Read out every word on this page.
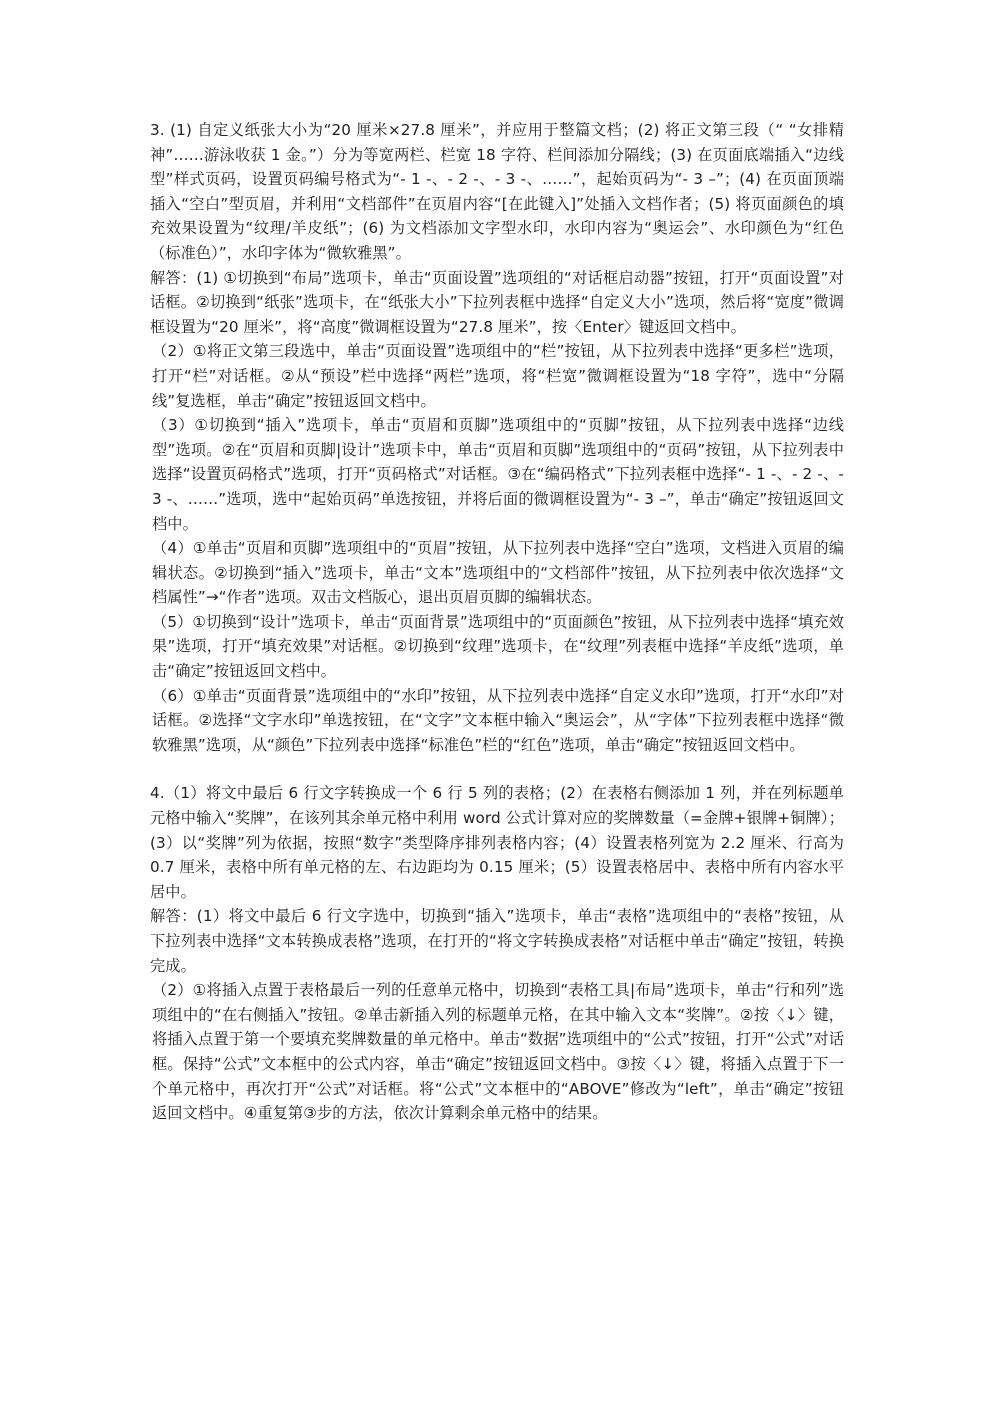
3. (1) 自定义纸张大小为“20 厘米×27.8 厘米”，并应用于整篇文档；(2) 将正文第三段（“ “女排精神”……游泳收获 1 金。”）分为等宽两栏、栏宽 18 字符、栏间添加分隔线；(3) 在页面底端插入“边线型”样式页码，设置页码编号格式为“- 1 -、- 2 -、- 3 -、……”，起始页码为“- 3 –”；(4) 在页面顶端插入“空白”型页眉，并利用“文档部件”在页眉内容“[在此键入]”处插入文档作者；(5) 将页面颜色的填充效果设置为“纹理/羊皮纸”；(6) 为文档添加文字型水印，水印内容为“奥运会”、水印颜色为“红色（标准色）”，水印字体为“微软雅黑”。

解答：(1) ①切换到“布局”选项卡，单击“页面设置”选项组的“对话框启动器”按钮，打开“页面设置”对话框。②切换到“纸张”选项卡，在“纸张大小”下拉列表框中选择“自定义大小”选项，然后将“宽度”微调框设置为“20 厘米”，将“高度”微调框设置为“27.8 厘米”，按〈Enter〉键返回文档中。

（2）①将正文第三段选中，单击“页面设置”选项组中的“栏”按钮，从下拉列表中选择“更多栏”选项，打开“栏”对话框。②从“预设”栏中选择“两栏”选项，将“栏宽”微调框设置为“18 字符”，选中“分隔线”复选框，单击“确定”按钮返回文档中。

（3）①切换到“插入”选项卡，单击“页眉和页脚”选项组中的“页脚”按钮，从下拉列表中选择“边线型”选项。②在“页眉和页脚|设计”选项卡中，单击“页眉和页脚”选项组中的“页码”按钮，从下拉列表中选择“设置页码格式”选项，打开“页码格式”对话框。③在“编码格式”下拉列表框中选择“- 1 -、- 2 -、- 3 -、……”选项，选中“起始页码”单选按钮，并将后面的微调框设置为“- 3 –”，单击“确定”按钮返回文档中。

（4）①单击“页眉和页脚”选项组中的“页眉”按钮，从下拉列表中选择“空白”选项，文档进入页眉的编辑状态。②切换到“插入”选项卡，单击“文本”选项组中的“文档部件”按钮，从下拉列表中依次选择“文档属性”→“作者”选项。双击文档版心，退出页眉页脚的编辑状态。

（5）①切换到“设计”选项卡，单击“页面背景”选项组中的“页面颜色”按钮，从下拉列表中选择“填充效果”选项，打开“填充效果”对话框。②切换到“纹理”选项卡，在“纹理”列表框中选择“羊皮纸”选项，单击“确定”按钮返回文档中。

（6）①单击“页面背景”选项组中的“水印”按钮，从下拉列表中选择“自定义水印”选项，打开“水印”对话框。②选择“文字水印”单选按钮，在“文字”文本框中输入“奥运会”，从“字体”下拉列表框中选择“微软雅黑”选项，从“颜色”下拉列表中选择“标准色”栏的“红色”选项，单击“确定”按钮返回文档中。

4.（1）将文中最后 6 行文字转换成一个 6 行 5 列的表格；(2）在表格右侧添加 1 列，并在列标题单元格中输入“奖牌”，在该列其余单元格中利用 word 公式计算对应的奖牌数量（=金牌+银牌+铜牌）；(3）以“奖牌”列为依据，按照“数字”类型降序排列表格内容；(4）设置表格列宽为 2.2 厘米、行高为 0.7 厘米，表格中所有单元格的左、右边距均为 0.15 厘米；(5）设置表格居中、表格中所有内容水平居中。

解答：(1）将文中最后 6 行文字选中，切换到“插入”选项卡，单击“表格”选项组中的“表格”按钮，从下拉列表中选择“文本转换成表格”选项，在打开的“将文字转换成表格”对话框中单击“确定”按钮，转换完成。

（2）①将插入点置于表格最后一列的任意单元格中，切换到“表格工具|布局”选项卡，单击“行和列”选项组中的“在右侧插入”按钮。②单击新插入列的标题单元格，在其中输入文本“奖牌”。②按〈↓〉键，将插入点置于第一个要填充奖牌数量的单元格中。单击“数据”选项组中的“公式”按钮，打开“公式”对话框。保持“公式”文本框中的公式内容，单击“确定”按钮返回文档中。③按〈↓〉键，将插入点置于下一个单元格中，再次打开“公式”对话框。将“公式”文本框中的“ABOVE”修改为“left”，单击“确定”按钮返回文档中。④重复第③步的方法，依次计算剩余单元格中的结果。
